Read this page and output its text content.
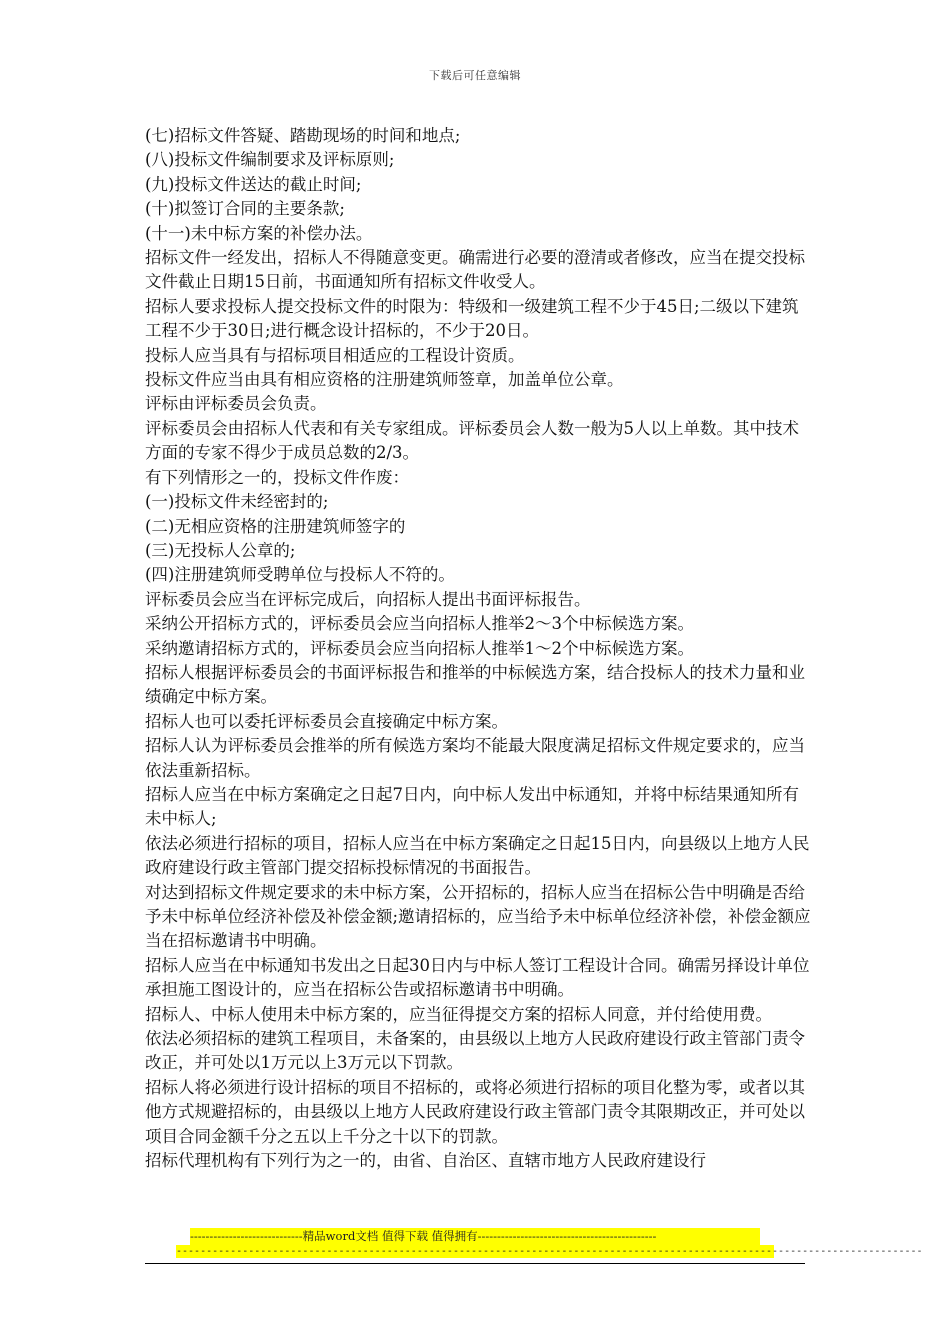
下载后可任意编辑

(七)招标文件答疑、踏勘现场的时间和地点;

(八)投标文件编制要求及评标原则;

(九)投标文件送达的截止时间;

(十)拟签订合同的主要条款;

(十一)未中标方案的补偿办法。

招标文件一经发出，招标人不得随意变更。确需进行必要的澄清或者修改，应当在提交投标文件截止日期15日前，书面通知所有招标文件收受人。

招标人要求投标人提交投标文件的时限为：特级和一级建筑工程不少于45日;二级以下建筑工程不少于30日;进行概念设计招标的，不少于20日。

投标人应当具有与招标项目相适应的工程设计资质。

投标文件应当由具有相应资格的注册建筑师签章，加盖单位公章。

评标由评标委员会负责。

评标委员会由招标人代表和有关专家组成。评标委员会人数一般为5人以上单数。其中技术方面的专家不得少于成员总数的2/3。

有下列情形之一的，投标文件作废：

(一)投标文件未经密封的;

(二)无相应资格的注册建筑师签字的

(三)无投标人公章的;

(四)注册建筑师受聘单位与投标人不符的。

评标委员会应当在评标完成后，向招标人提出书面评标报告。

采纳公开招标方式的，评标委员会应当向招标人推举2～3个中标候选方案。

采纳邀请招标方式的，评标委员会应当向招标人推举1～2个中标候选方案。

招标人根据评标委员会的书面评标报告和推举的中标候选方案，结合投标人的技术力量和业绩确定中标方案。

招标人也可以委托评标委员会直接确定中标方案。

招标人认为评标委员会推举的所有候选方案均不能最大限度满足招标文件规定要求的，应当依法重新招标。

招标人应当在中标方案确定之日起7日内，向中标人发出中标通知，并将中标结果通知所有未中标人;

依法必须进行招标的项目，招标人应当在中标方案确定之日起15日内，向县级以上地方人民政府建设行政主管部门提交招标投标情况的书面报告。

对达到招标文件规定要求的未中标方案，公开招标的，招标人应当在招标公告中明确是否给予未中标单位经济补偿及补偿金额;邀请招标的，应当给予未中标单位经济补偿，补偿金额应当在招标邀请书中明确。

招标人应当在中标通知书发出之日起30日内与中标人签订工程设计合同。确需另择设计单位承担施工图设计的，应当在招标公告或招标邀请书中明确。

招标人、中标人使用未中标方案的，应当征得提交方案的招标人同意，并付给使用费。

依法必须招标的建筑工程项目，未备案的，由县级以上地方人民政府建设行政主管部门责令改正，并可处以1万元以上3万元以下罚款。

招标人将必须进行设计招标的项目不招标的，或将必须进行招标的项目化整为零，或者以其他方式规避招标的，由县级以上地方人民政府建设行政主管部门责令其限期改正，并可处以项目合同金额千分之五以上千分之十以下的罚款。

招标代理机构有下列行为之一的，由省、自治区、直辖市地方人民政府建设行

-----------------------------精品word文档 值得下载 值得拥有----------------------------------------------
----------------------------------------------------------------------------------------------------------------------------
